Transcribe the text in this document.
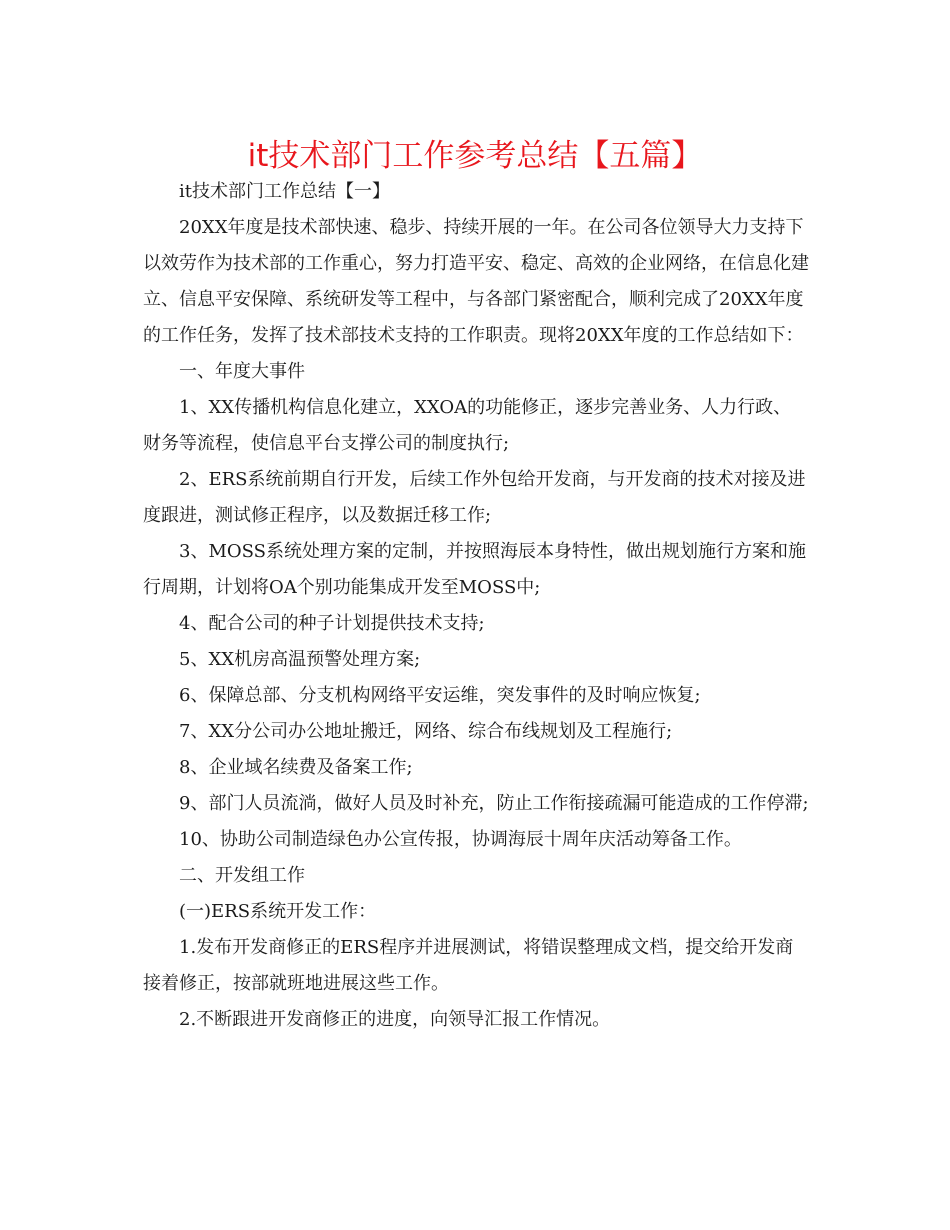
it技术部门工作参考总结【五篇】

it技术部门工作总结【一】

20XX年度是技术部快速、稳步、持续开展的一年。在公司各位领导大力支持下以效劳作为技术部的工作重心，努力打造平安、稳定、高效的企业网络，在信息化建立、信息平安保障、系统研发等工程中，与各部门紧密配合，顺利完成了20XX年度的工作任务，发挥了技术部技术支持的工作职责。现将20XX年度的工作总结如下：

一、年度大事件

1、XX传播机构信息化建立，XXOA的功能修正，逐步完善业务、人力行政、财务等流程，使信息平台支撑公司的制度执行;

2、ERS系统前期自行开发，后续工作外包给开发商，与开发商的技术对接及进度跟进，测试修正程序，以及数据迁移工作;

3、MOSS系统处理方案的定制，并按照海辰本身特性，做出规划施行方案和施行周期，计划将OA个别功能集成开发至MOSS中;

4、配合公司的种子计划提供技术支持;

5、XX机房高温预警处理方案;

6、保障总部、分支机构网络平安运维，突发事件的及时响应恢复;

7、XX分公司办公地址搬迁，网络、综合布线规划及工程施行;

8、企业域名续费及备案工作;

9、部门人员流淌，做好人员及时补充，防止工作衔接疏漏可能造成的工作停滞;

10、协助公司制造绿色办公宣传报，协调海辰十周年庆活动筹备工作。

二、开发组工作

(一)ERS系统开发工作：

1.发布开发商修正的ERS程序并进展测试，将错误整理成文档，提交给开发商接着修正，按部就班地进展这些工作。

2.不断跟进开发商修正的进度，向领导汇报工作情况。
